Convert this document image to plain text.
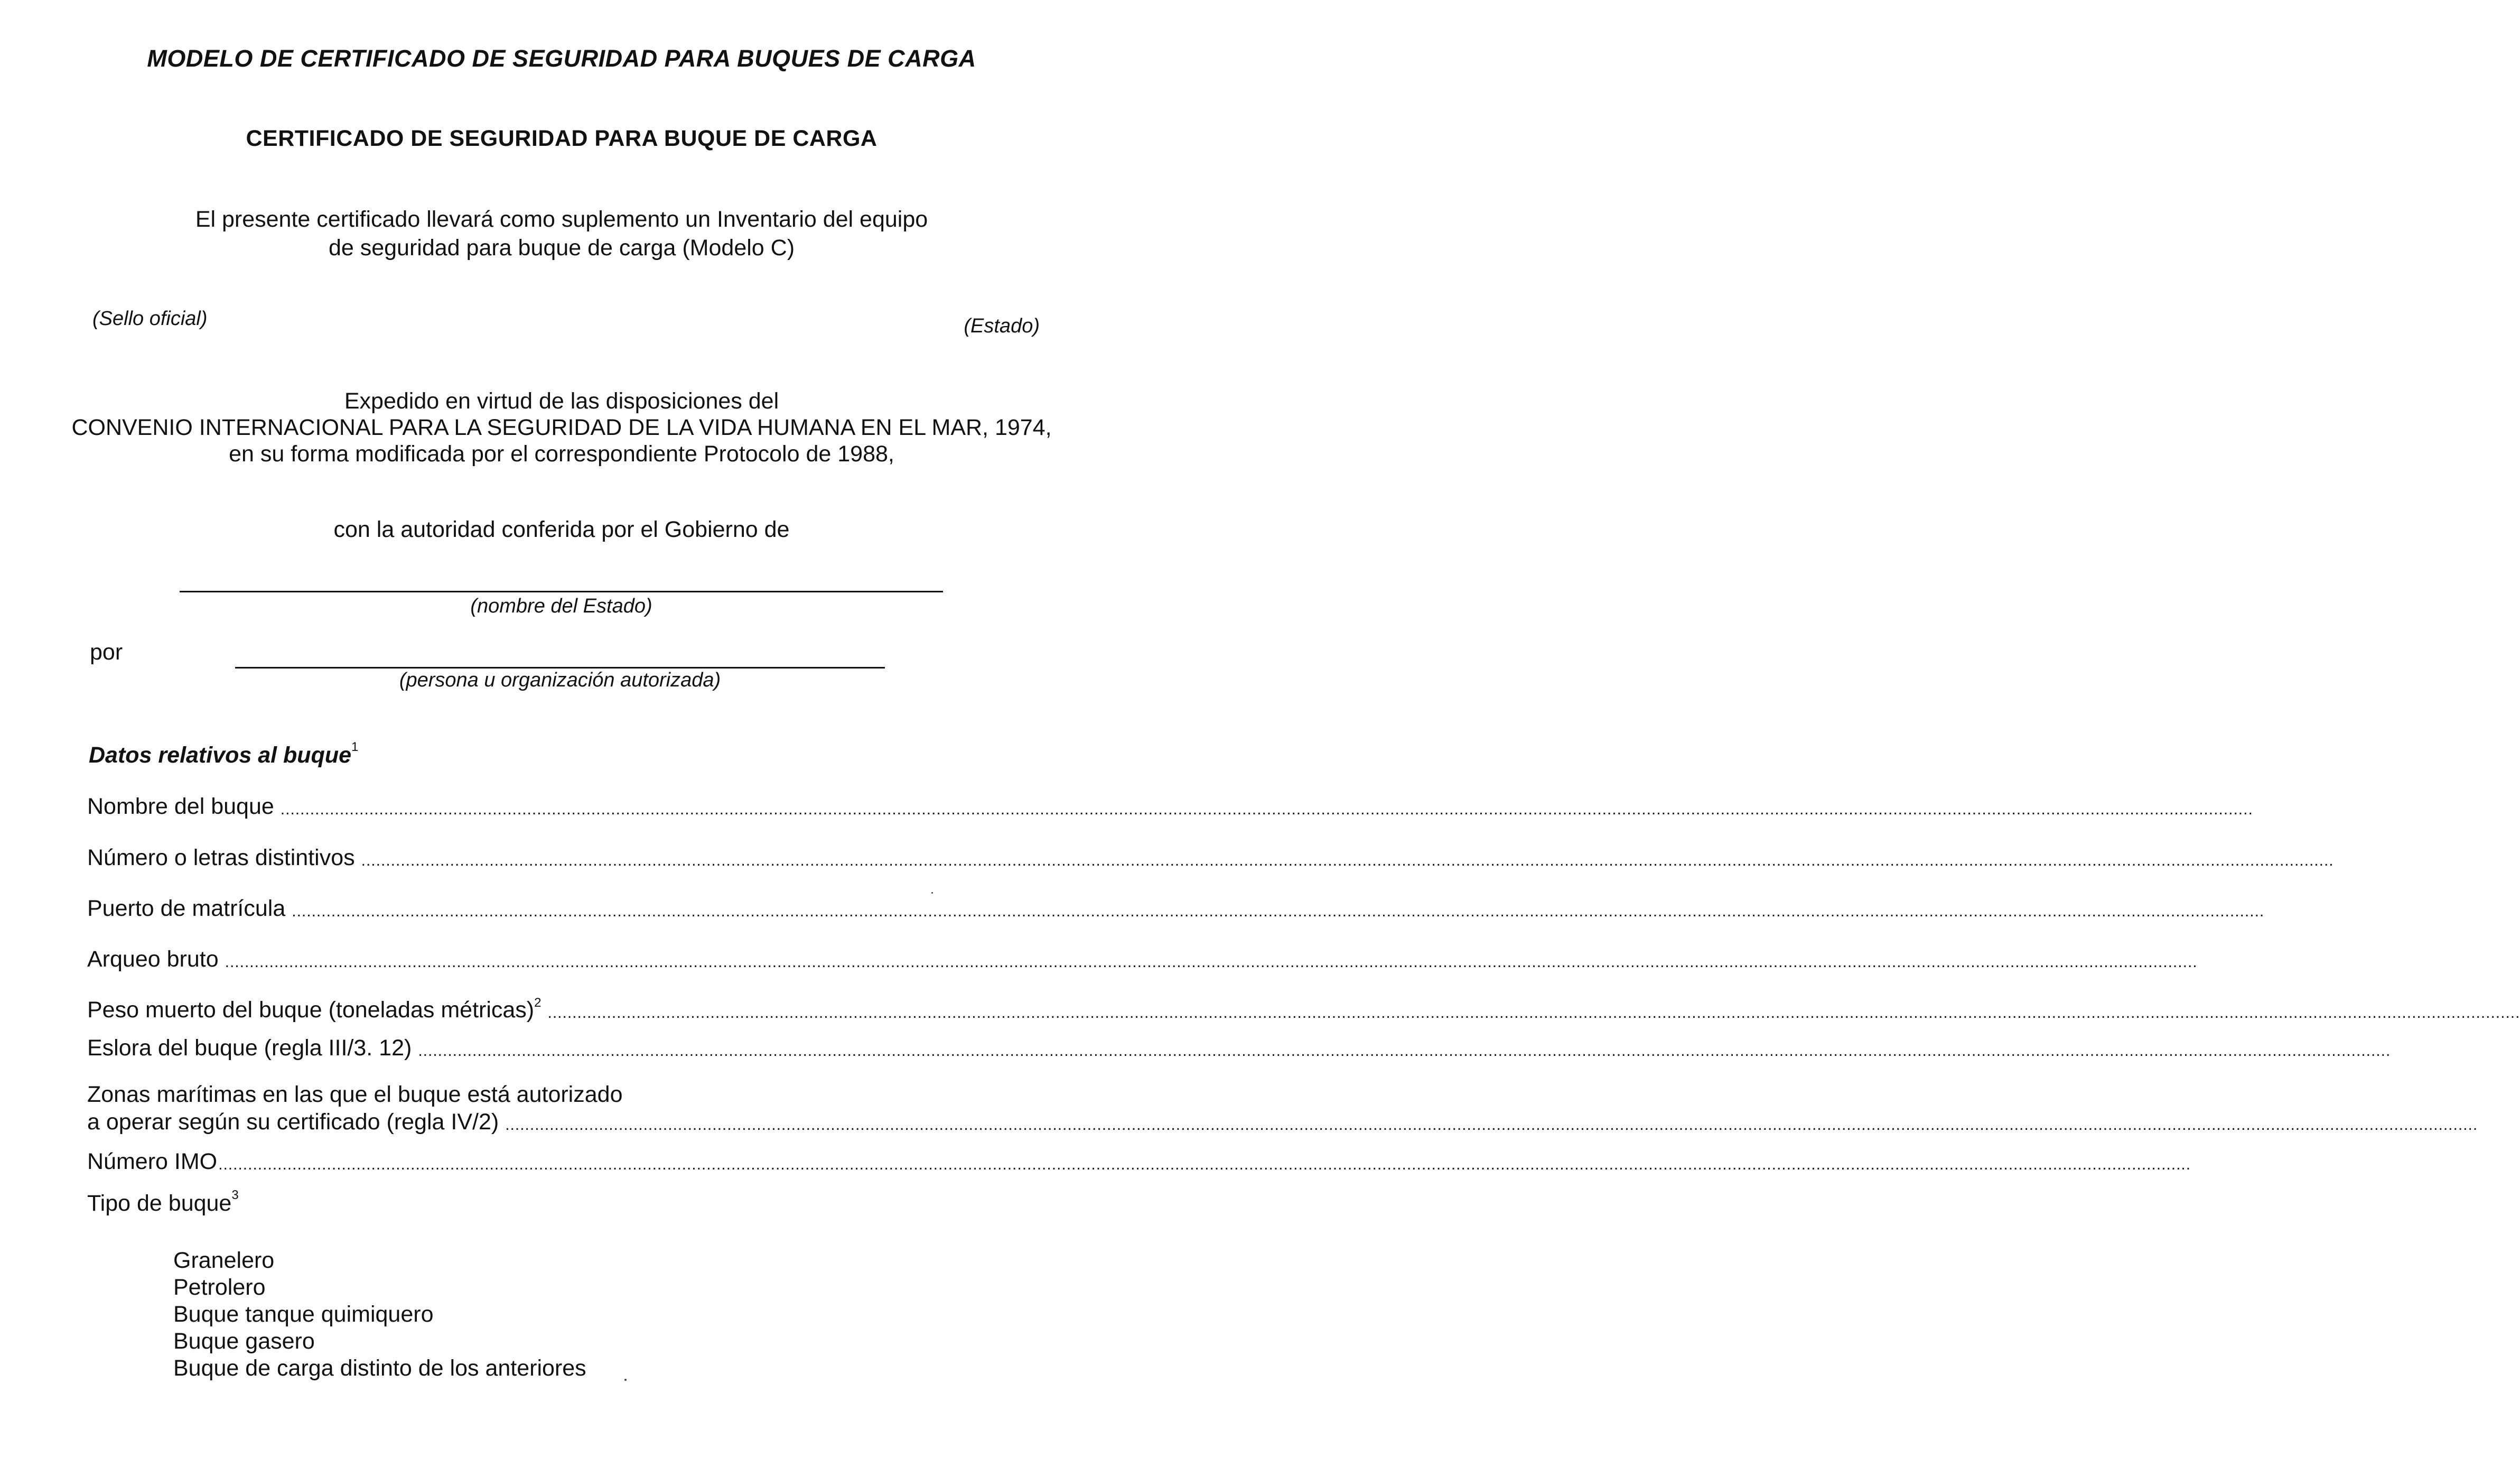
MODELO DE CERTIFICADO DE SEGURIDAD PARA BUQUES DE CARGA
CERTIFICADO DE SEGURIDAD PARA BUQUE DE CARGA
El presente certificado llevará como suplemento un Inventario del equipo
de seguridad para buque de carga (Modelo C)
(Sello oficial)	(Estado)
Expedido en virtud de las disposiciones del
CONVENIO INTERNACIONAL PARA LA SEGURIDAD DE LA VIDA HUMANA EN EL MAR, 1974,
en su forma modificada por el correspondiente Protocolo de 1988,
con la autoridad conferida por el Gobierno de
(nombre del Estado)
por
(persona u organización autorizada)
Datos relativos al buque$^1$
Nombre del buque ................................................................................................................................................................................................................................................................................................................................................................................................................
Número o letras distintivos ................................................................................................................................................................................................................................................................................................................................................................................................................
Puerto de matrícula ................................................................................................................................................................................................................................................................................................................................................................................................................
Arqueo bruto ................................................................................................................................................................................................................................................................................................................................................................................................................
Peso muerto del buque (toneladas métricas)$^2$
................................................................................................................................................................................................................................................................................................................................................................................................................
Eslora del buque (regla III/3. 12) ................................................................................................................................................................................................................................................................................................................................................................................................................
Zonas marítimas en las que el buque está autorizado
a operar según su certificado (regla IV/2) ................................................................................................................................................................................................................................................................................................................................................................................................................
Número IMO ................................................................................................................................................................................................................................................................................................................................................................................................................
Tipo de buque$^3$
Granelero
Petrolero
Buque tanque quimiquero
Buque gasero
Buque de carga distinto de los anteriores
